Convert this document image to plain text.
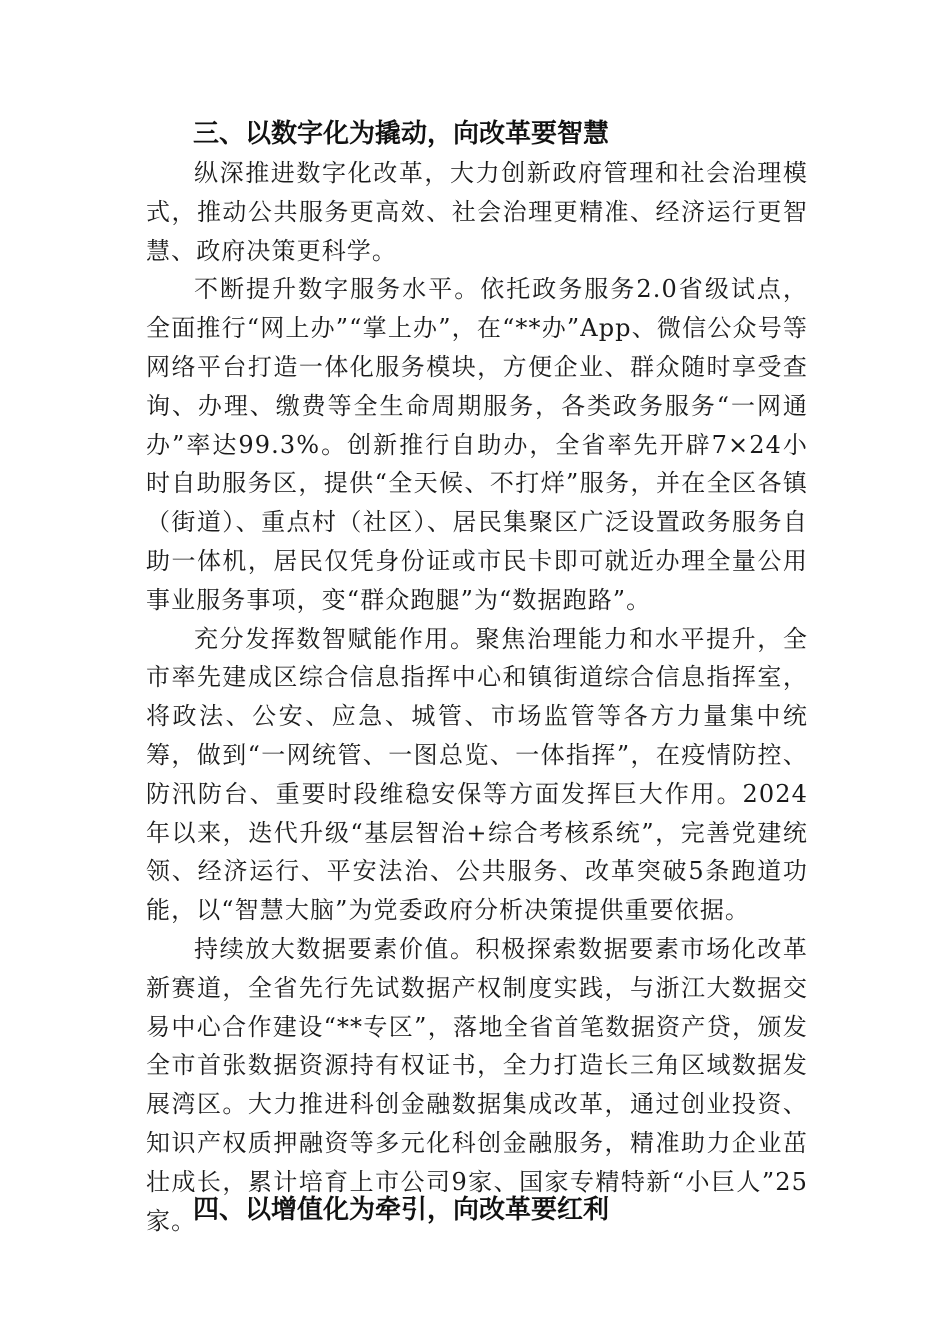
三、以数字化为撬动，向改革要智慧

纵深推进数字化改革，大力创新政府管理和社会治理模式，推动公共服务更高效、社会治理更精准、经济运行更智慧、政府决策更科学。

不断提升数字服务水平。依托政务服务2.0省级试点，全面推行“网上办”“掌上办”，在“**办”App、微信公众号等网络平台打造一体化服务模块，方便企业、群众随时享受查询、办理、缴费等全生命周期服务，各类政务服务“一网通办”率达99.3%。创新推行自助办，全省率先开辟7×24小时自助服务区，提供“全天候、不打烊”服务，并在全区各镇（街道）、重点村（社区）、居民集聚区广泛设置政务服务自助一体机，居民仅凭身份证或市民卡即可就近办理全量公用事业服务事项，变“群众跑腿”为“数据跑路”。

充分发挥数智赋能作用。聚焦治理能力和水平提升，全市率先建成区综合信息指挥中心和镇街道综合信息指挥室，将政法、公安、应急、城管、市场监管等各方力量集中统筹，做到“一网统管、一图总览、一体指挥”，在疫情防控、防汛防台、重要时段维稳安保等方面发挥巨大作用。2024年以来，迭代升级“基层智治+综合考核系统”，完善党建统领、经济运行、平安法治、公共服务、改革突破5条跑道功能，以“智慧大脑”为党委政府分析决策提供重要依据。

持续放大数据要素价值。积极探索数据要素市场化改革新赛道，全省先行先试数据产权制度实践，与浙江大数据交易中心合作建设“**专区”，落地全省首笔数据资产贷，颁发全市首张数据资源持有权证书，全力打造长三角区域数据发展湾区。大力推进科创金融数据集成改革，通过创业投资、知识产权质押融资等多元化科创金融服务，精准助力企业茁壮成长，累计培育上市公司9家、国家专精特新“小巨人”25家。

四、以增值化为牵引，向改革要红利
